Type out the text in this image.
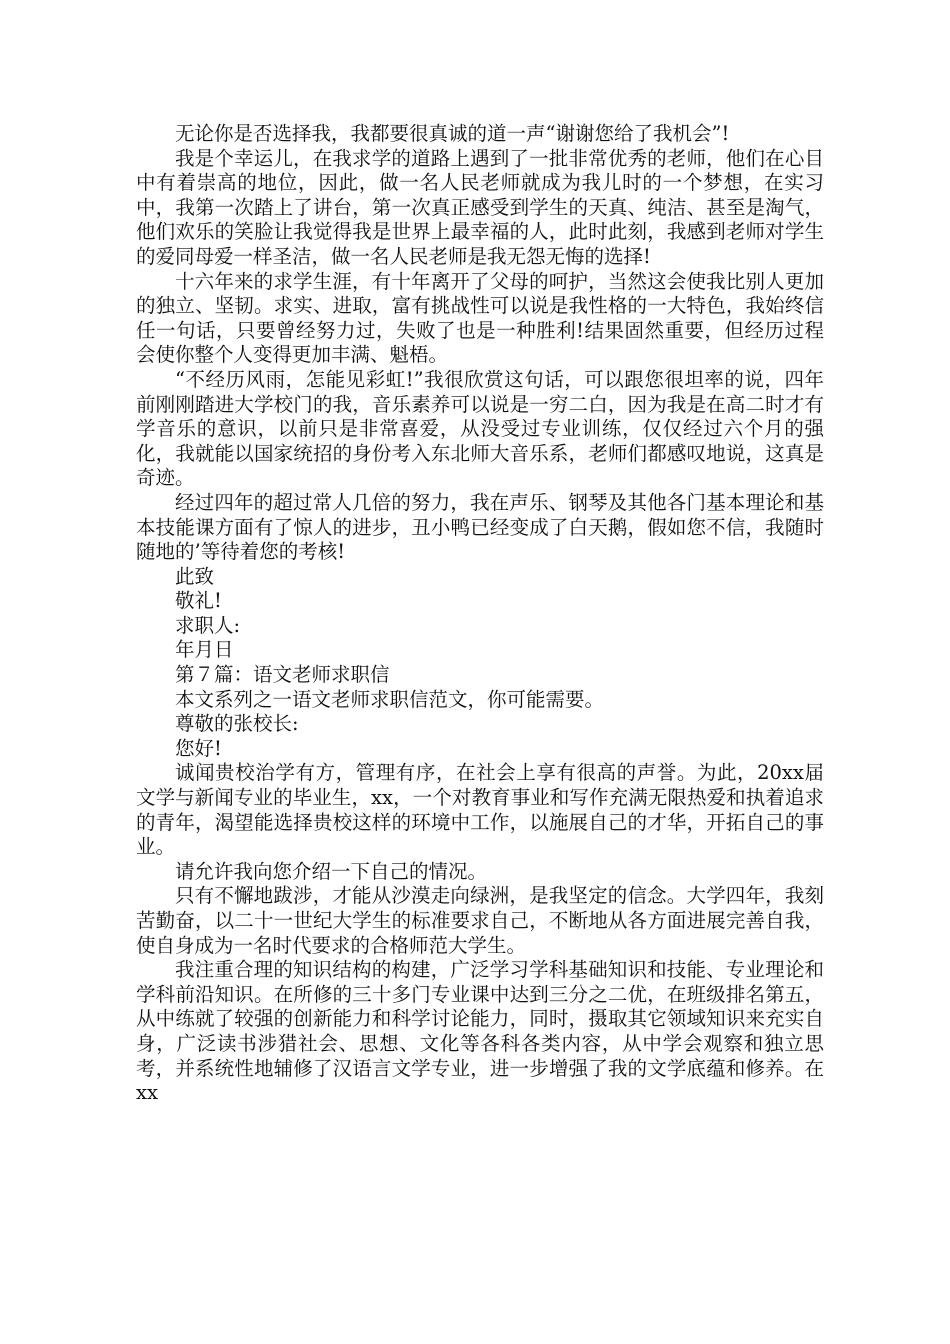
无论你是否选择我，我都要很真诚的道一声“谢谢您给了我机会”!

我是个幸运儿，在我求学的道路上遇到了一批非常优秀的老师，他们在心目中有着崇高的地位，因此，做一名人民老师就成为我儿时的一个梦想，在实习中，我第一次踏上了讲台，第一次真正感受到学生的天真、纯洁、甚至是淘气，他们欢乐的笑脸让我觉得我是世界上最幸福的人，此时此刻，我感到老师对学生的爱同母爱一样圣洁，做一名人民老师是我无怨无悔的选择!

十六年来的求学生涯，有十年离开了父母的呵护，当然这会使我比别人更加的独立、坚韧。求实、进取，富有挑战性可以说是我性格的一大特色，我始终信任一句话，只要曾经努力过，失败了也是一种胜利!结果固然重要，但经历过程会使你整个人变得更加丰满、魁梧。

“不经历风雨，怎能见彩虹!”我很欣赏这句话，可以跟您很坦率的说，四年前刚刚踏进大学校门的我，音乐素养可以说是一穷二白，因为我是在高二时才有学音乐的意识，以前只是非常喜爱，从没受过专业训练，仅仅经过六个月的强化，我就能以国家统招的身份考入东北师大音乐系，老师们都感叹地说，这真是奇迹。

经过四年的超过常人几倍的努力，我在声乐、钢琴及其他各门基本理论和基本技能课方面有了惊人的进步，丑小鸭已经变成了白天鹅，假如您不信，我随时随地的’等待着您的考核!

此致

敬礼!

求职人:

年月日

第７篇：语文老师求职信

本文系列之一语文老师求职信范文，你可能需要。

尊敬的张校长:

您好!

诚闻贵校治学有方，管理有序，在社会上享有很高的声誉。为此，20xx届文学与新闻专业的毕业生，xx，一个对教育事业和写作充满无限热爱和执着追求的青年，渴望能选择贵校这样的环境中工作，以施展自己的才华，开拓自己的事业。

请允许我向您介绍一下自己的情况。

只有不懈地跋涉，才能从沙漠走向绿洲，是我坚定的信念。大学四年，我刻苦勤奋，以二十一世纪大学生的标准要求自己，不断地从各方面进展完善自我，使自身成为一名时代要求的合格师范大学生。

我注重合理的知识结构的构建，广泛学习学科基础知识和技能、专业理论和学科前沿知识。在所修的三十多门专业课中达到三分之二优，在班级排名第五，从中练就了较强的创新能力和科学讨论能力，同时，摄取其它领域知识来充实自身，广泛读书涉猎社会、思想、文化等各科各类内容，从中学会观察和独立思考，并系统性地辅修了汉语言文学专业，进一步增强了我的文学底蕴和修养。在 xx
